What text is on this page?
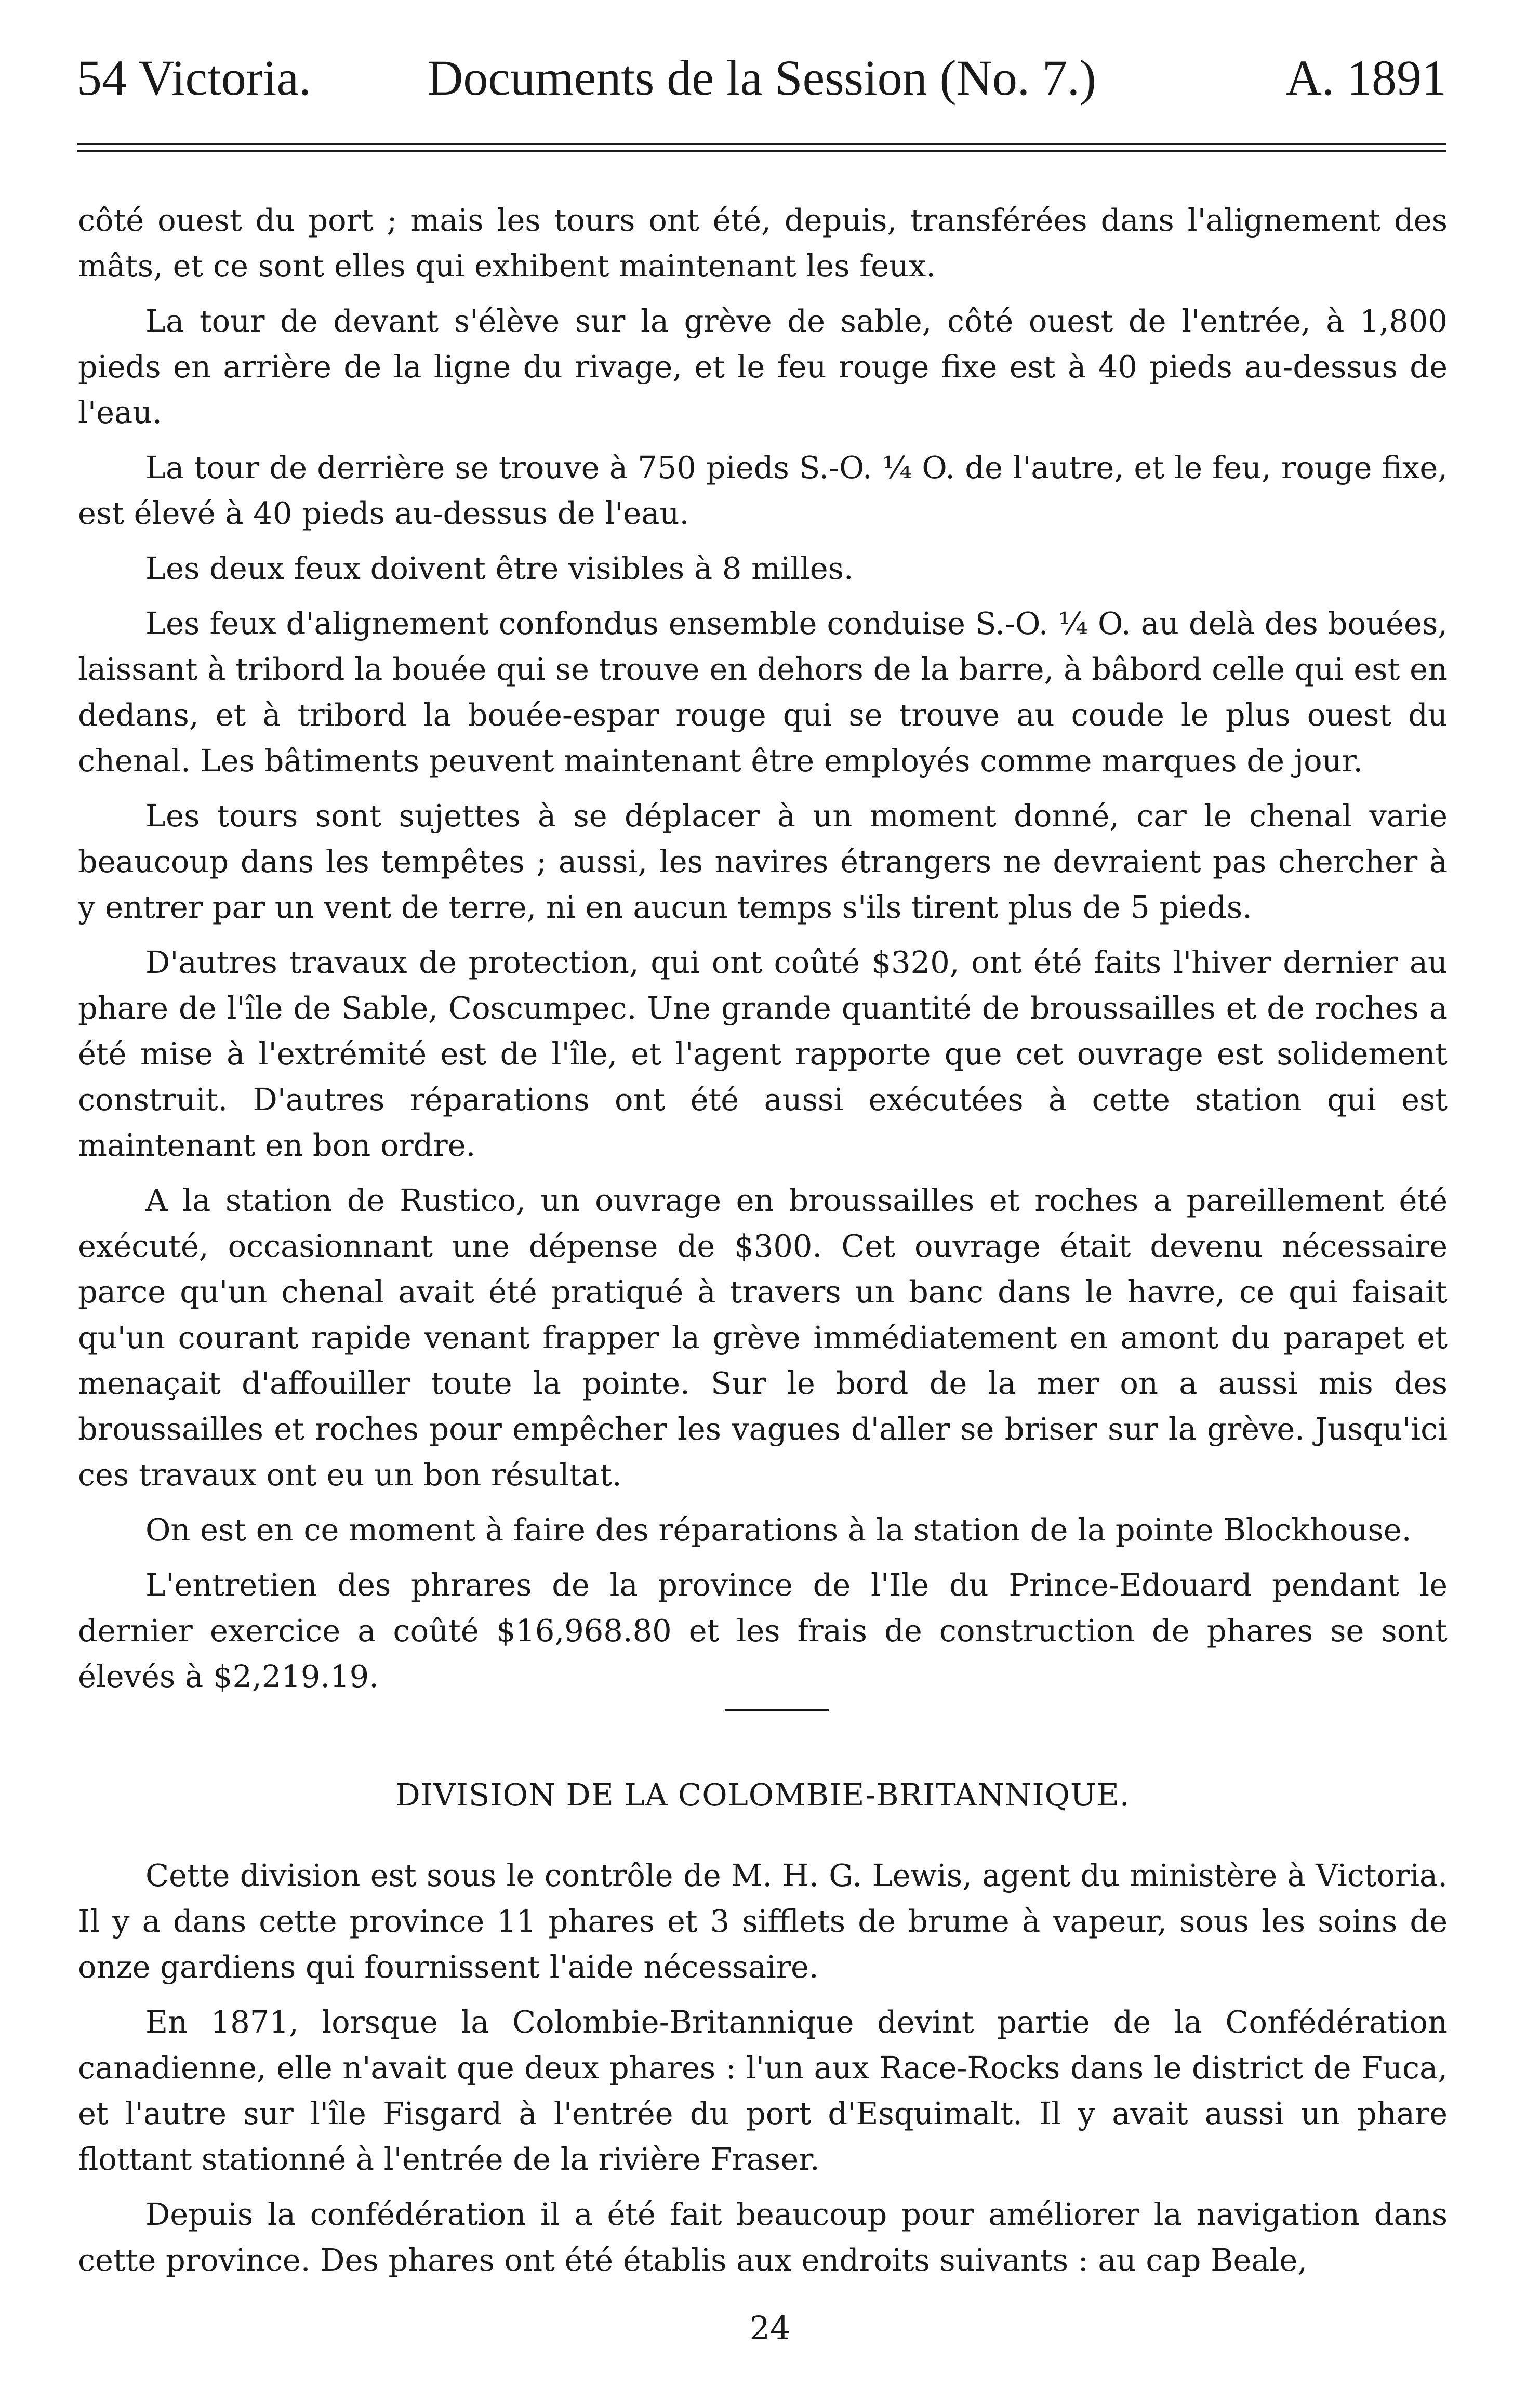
54 Victoria.	Documents de la Session (No. 7.)	A. 1891

côté ouest du port ; mais les tours ont été, depuis, transférées dans l'alignement des mâts, et ce sont elles qui exhibent maintenant les feux.

La tour de devant s'élève sur la grève de sable, côté ouest de l'entrée, à 1,800 pieds en arrière de la ligne du rivage, et le feu rouge fixe est à 40 pieds au-dessus de l'eau.

La tour de derrière se trouve à 750 pieds S.-O. ¼ O. de l'autre, et le feu, rouge fixe, est élevé à 40 pieds au-dessus de l'eau.

Les deux feux doivent être visibles à 8 milles.

Les feux d'alignement confondus ensemble conduise S.-O. ¼ O. au delà des bouées, laissant à tribord la bouée qui se trouve en dehors de la barre, à bâbord celle qui est en dedans, et à tribord la bouée-espar rouge qui se trouve au coude le plus ouest du chenal. Les bâtiments peuvent maintenant être employés comme marques de jour.

Les tours sont sujettes à se déplacer à un moment donné, car le chenal varie beaucoup dans les tempêtes ; aussi, les navires étrangers ne devraient pas chercher à y entrer par un vent de terre, ni en aucun temps s'ils tirent plus de 5 pieds.

D'autres travaux de protection, qui ont coûté $320, ont été faits l'hiver dernier au phare de l'île de Sable, Coscumpec. Une grande quantité de broussailles et de roches a été mise à l'extrémité est de l'île, et l'agent rapporte que cet ouvrage est solidement construit. D'autres réparations ont été aussi exécutées à cette station qui est maintenant en bon ordre.

A la station de Rustico, un ouvrage en broussailles et roches a pareillement été exécuté, occasionnant une dépense de $300. Cet ouvrage était devenu nécessaire parce qu'un chenal avait été pratiqué à travers un banc dans le havre, ce qui faisait qu'un courant rapide venant frapper la grève immédiatement en amont du parapet et menaçait d'affouiller toute la pointe. Sur le bord de la mer on a aussi mis des broussailles et roches pour empêcher les vagues d'aller se briser sur la grève. Jusqu'ici ces travaux ont eu un bon résultat.

On est en ce moment à faire des réparations à la station de la pointe Blockhouse.

L'entretien des phrares de la province de l'Ile du Prince-Edouard pendant le dernier exercice a coûté $16,968.80 et les frais de construction de phares se sont élevés à $2,219.19.

DIVISION DE LA COLOMBIE-BRITANNIQUE.

Cette division est sous le contrôle de M. H. G. Lewis, agent du ministère à Victoria. Il y a dans cette province 11 phares et 3 sifflets de brume à vapeur, sous les soins de onze gardiens qui fournissent l'aide nécessaire.

En 1871, lorsque la Colombie-Britannique devint partie de la Confédération canadienne, elle n'avait que deux phares : l'un aux Race-Rocks dans le district de Fuca, et l'autre sur l'île Fisgard à l'entrée du port d'Esquimalt. Il y avait aussi un phare flottant stationné à l'entrée de la rivière Fraser.

Depuis la confédération il a été fait beaucoup pour améliorer la navigation dans cette province. Des phares ont été établis aux endroits suivants : au cap Beale,

24
